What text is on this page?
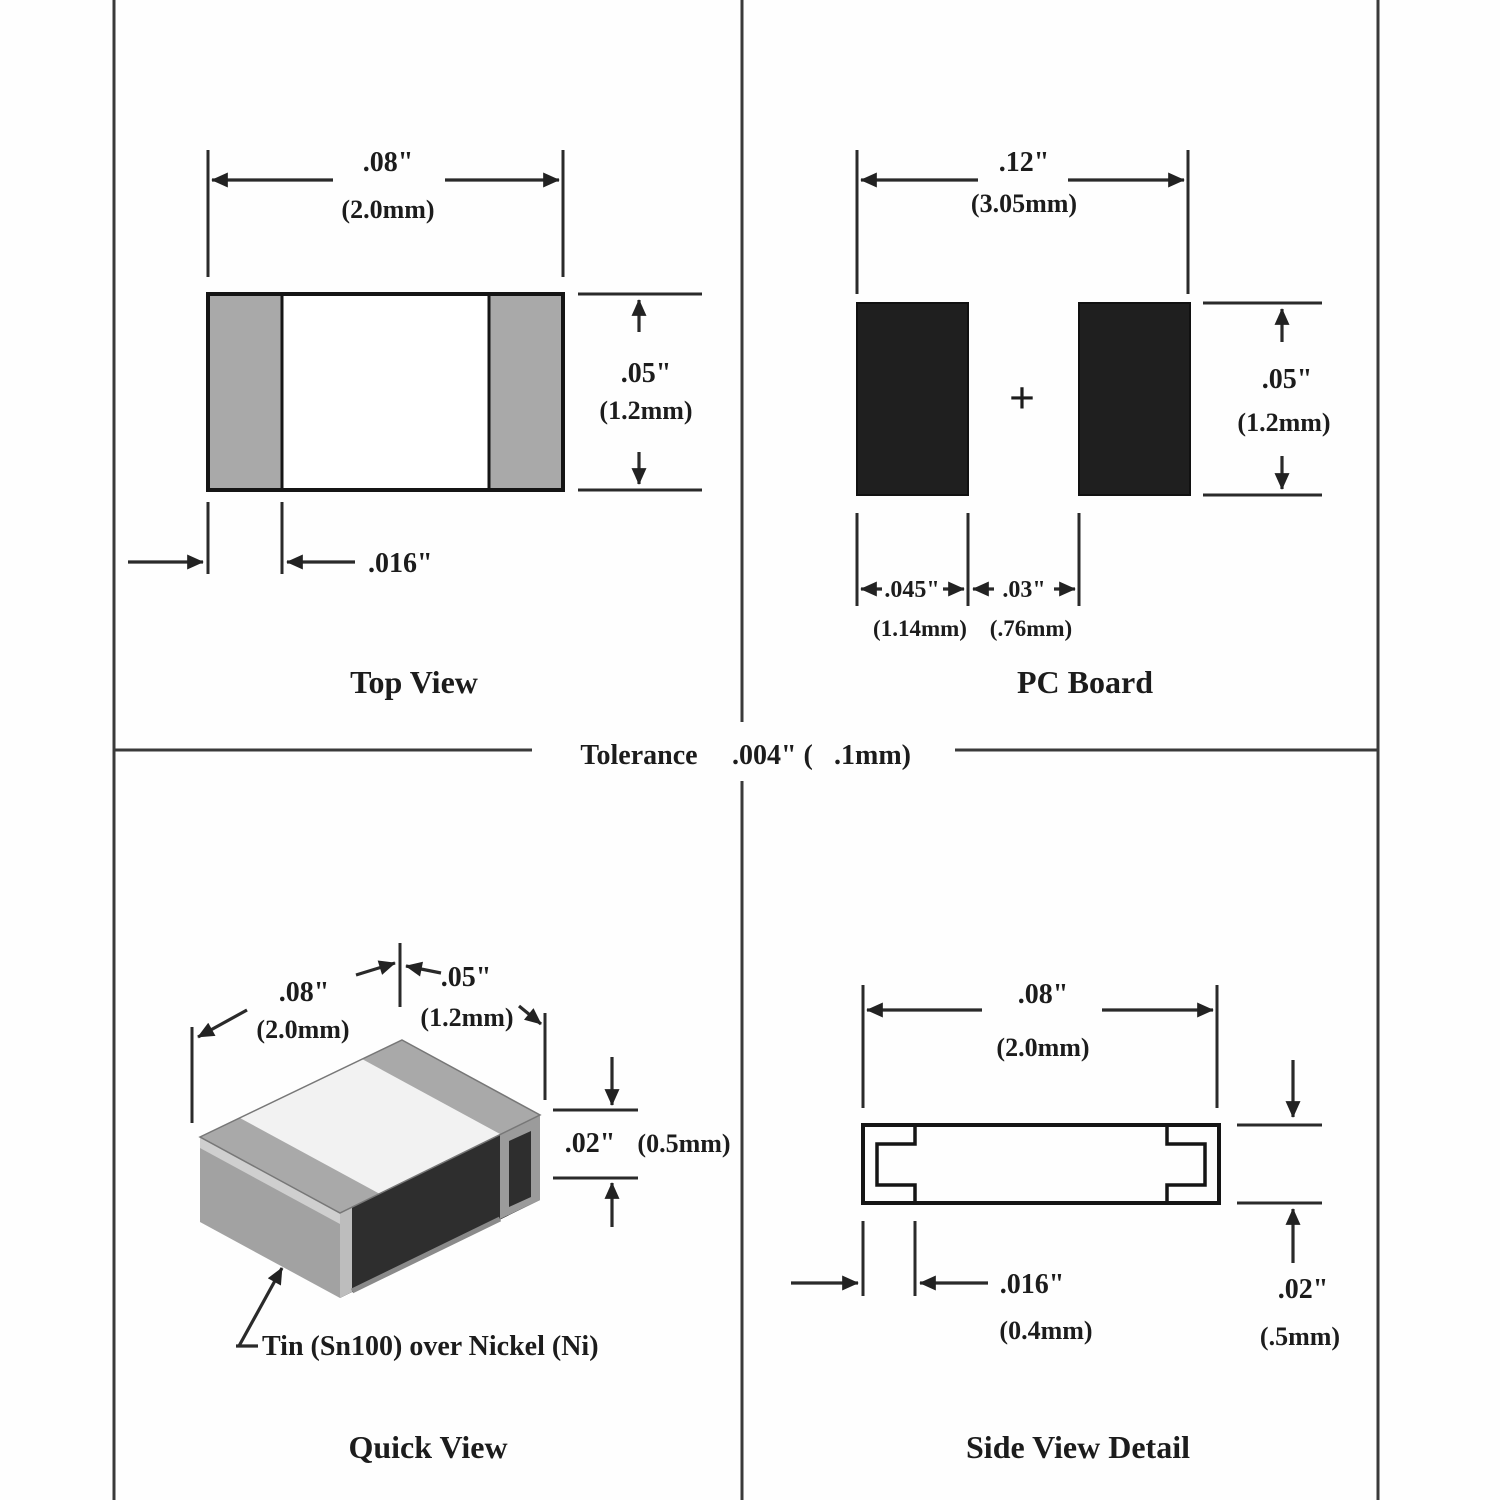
Tolerance .004" ( .1mm)
.08"
(2.0mm)
.05"
(1.2mm)
.016"
Top View
.12"
(3.05mm)
+	.05"
(1.2mm)
.045"	.03"
(1.14mm) (.76mm)
PC Board
.08"
(2.0mm)
.05"
(1.2mm)
.02" (0.5mm)
Tin (Sn100) over Nickel (Ni)
Quick View
.08"
(2.0mm)
.016"
(0.4mm)
.02"
(.5mm)
Side View Detail
